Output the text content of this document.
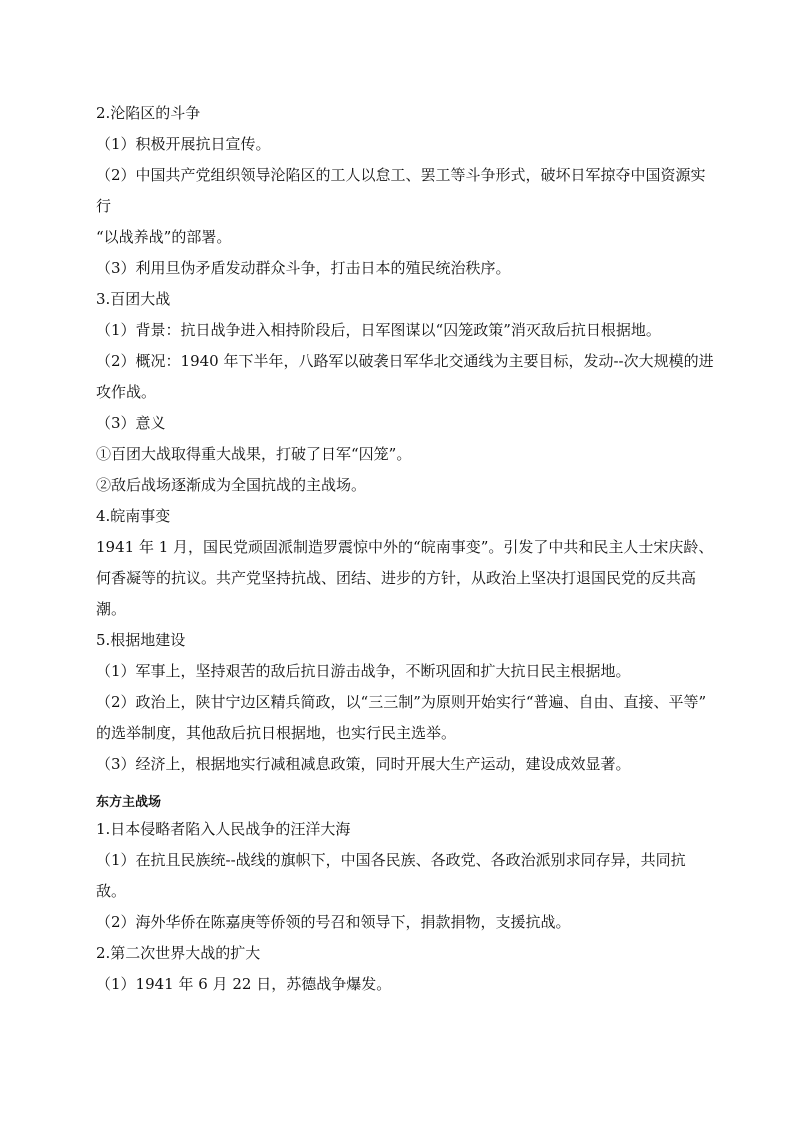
2.沦陷区的斗争

（1）积极开展抗日宣传。

（2）中国共产党组织领导沦陷区的工人以怠工、罢工等斗争形式，破坏日军掠夺中国资源实

行

“以战养战”的部署。

（3）利用旦伪矛盾发动群众斗争，打击日本的殖民统治秩序。

3.百团大战

（1）背景：抗日战争进入相持阶段后，日军图谋以“囚笼政策”消灭敌后抗日根据地。

（2）概况：1940 年下半年，八路军以破袭日军华北交通线为主要目标，发动--次大规模的进

攻作战。

（3）意义

①百团大战取得重大战果，打破了日军“囚笼”。

②敌后战场逐渐成为全国抗战的主战场。

4.皖南事变

1941 年 1 月，国民党顽固派制造罗震惊中外的“皖南事变”。引发了中共和民主人士宋庆龄、

何香凝等的抗议。共产党坚持抗战、团结、进步的方针，从政治上坚决打退国民党的反共高

潮。

5.根据地建设

（1）军事上，坚持艰苦的敌后抗日游击战争，不断巩固和扩大抗日民主根据地。

（2）政治上，陕甘宁边区精兵简政，以“三三制”为原则开始实行“普遍、自由、直接、平等”

的选举制度，其他敌后抗日根据地，也实行民主选举。

（3）经济上，根据地实行减租减息政策，同时开展大生产运动，建设成效显著。

东方主战场

1.日本侵略者陷入人民战争的汪洋大海

（1）在抗且民族统--战线的旗帜下，中国各民族、各政党、各政治派别求同存异，共同抗

敌。

（2）海外华侨在陈嘉庚等侨领的号召和领导下，捐款捐物，支援抗战。

2.第二次世界大战的扩大

（1）1941 年 6 月 22 日，苏德战争爆发。
